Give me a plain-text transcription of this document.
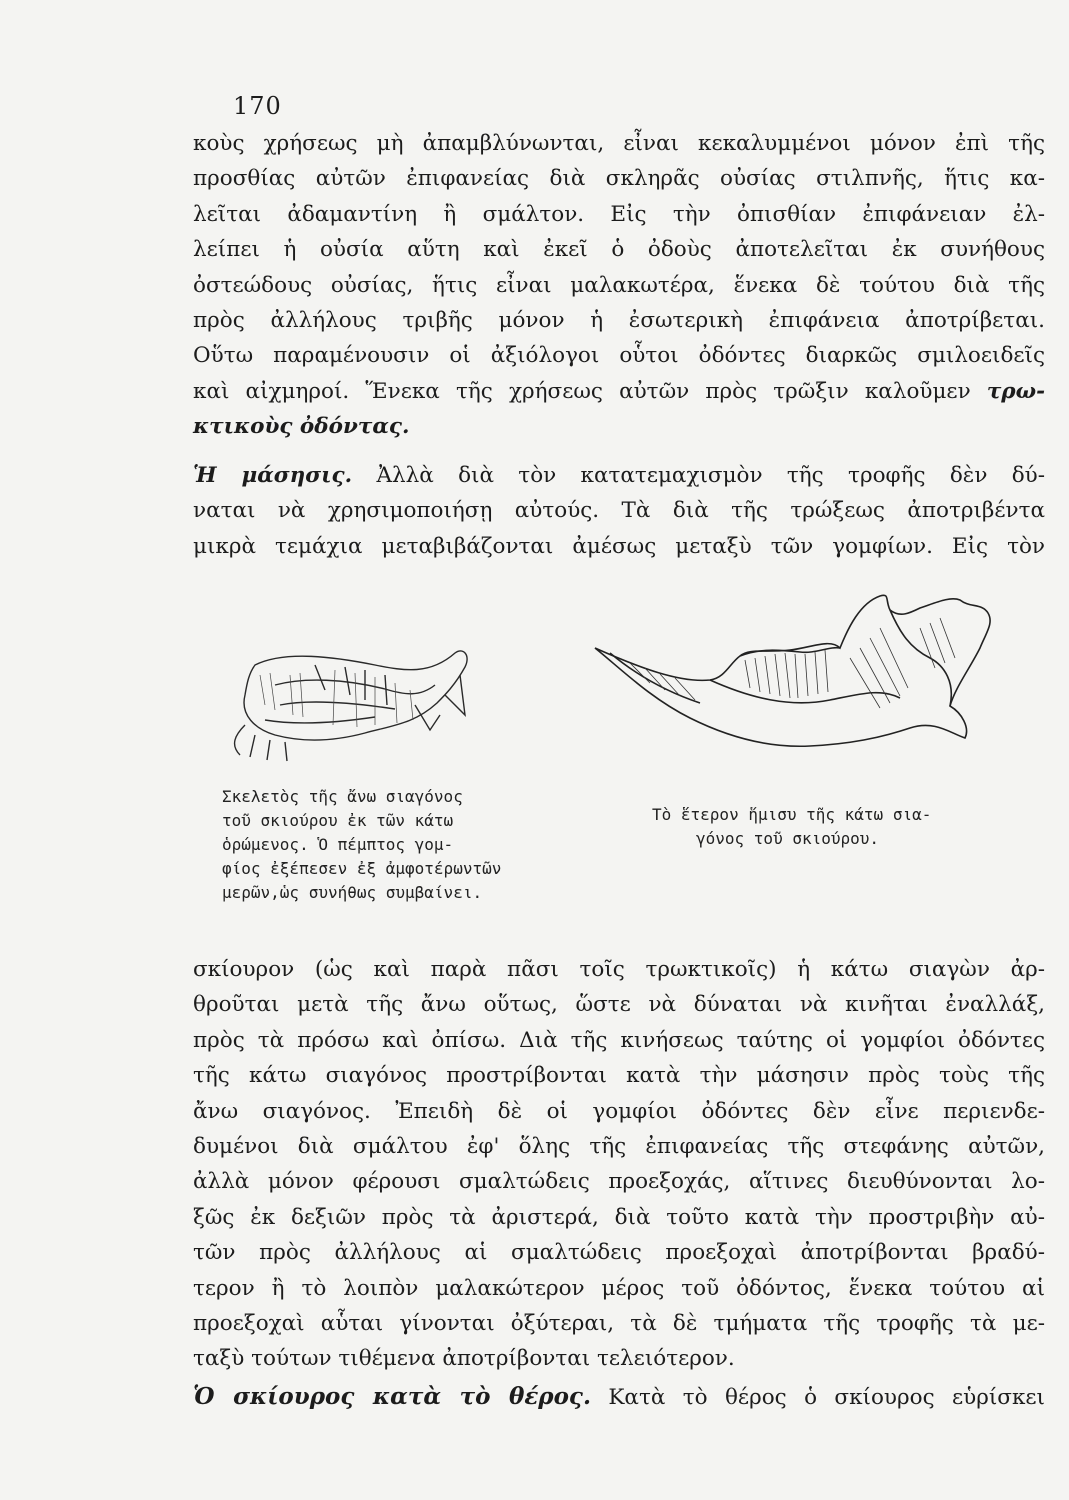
170

κοὺς χρήσεως μὴ ἀπαμβλύνωνται, εἶναι κεκαλυμμένοι μόνον ἐπὶ τῆς
προσθίας αὐτῶν ἐπιφανείας διὰ σκληρᾶς οὐσίας στιλπνῆς, ἥτις κα-
λεῖται ἀδαμαντίνη ἢ σμάλτον. Εἰς τὴν ὀπισθίαν ἐπιφάνειαν ἐλ-
λείπει ἡ οὐσία αὕτη καὶ ἐκεῖ ὁ ὀδοὺς ἀποτελεῖται ἐκ συνήθους
ὀστεώδους οὐσίας, ἥτις εἶναι μαλακωτέρα, ἕνεκα δὲ τούτου διὰ τῆς
πρὸς ἀλλήλους τριβῆς μόνον ἡ ἐσωτερικὴ ἐπιφάνεια ἀποτρίβεται.
Οὕτω παραμένουσιν οἱ ἀξιόλογοι οὗτοι ὀδόντες διαρκῶς σμιλοειδεῖς
καὶ αἰχμηροί. Ἕνεκα τῆς χρήσεως αὐτῶν πρὸς τρῶξιν καλοῦμεν τρω-
κτικοὺς ὀδόντας.

Ἡ μάσησις. Ἀλλὰ διὰ τὸν κατατεμαχισμὸν τῆς τροφῆς δὲν δύ-
ναται νὰ χρησιμοποιήσῃ αὐτούς. Τὰ διὰ τῆς τρώξεως ἀποτριβέντα
μικρὰ τεμάχια μεταβιβάζονται ἀμέσως μεταξὺ τῶν γομφίων. Εἰς τὸν

Σκελετὸς τῆς ἄνω σιαγόνος
τοῦ σκιούρου ἐκ τῶν κάτω
ὁρώμενος. Ὁ πέμπτος γομ-
φίος ἐξέπεσεν ἐξ ἀμφοτέρωντῶν
μερῶν,ὡς συνήθως συμβαίνει.
Τὸ ἕτερον ἥμισυ τῆς κάτω σια-
γόνος τοῦ σκιούρου.

σκίουρον (ὡς καὶ παρὰ πᾶσι τοῖς τρωκτικοῖς) ἡ κάτω σιαγὼν ἀρ-
θροῦται μετὰ τῆς ἄνω οὕτως, ὥστε νὰ δύναται νὰ κινῆται ἐναλλάξ,
πρὸς τὰ πρόσω καὶ ὀπίσω. Διὰ τῆς κινήσεως ταύτης οἱ γομφίοι ὀδόντες
τῆς κάτω σιαγόνος προστρίβονται κατὰ τὴν μάσησιν πρὸς τοὺς τῆς
ἄνω σιαγόνος. Ἐπειδὴ δὲ οἱ γομφίοι ὀδόντες δὲν εἶνε περιενδε-
δυμένοι διὰ σμάλτου ἐφ' ὅλης τῆς ἐπιφανείας τῆς στεφάνης αὐτῶν,
ἀλλὰ μόνον φέρουσι σμαλτώδεις προεξοχάς, αἵτινες διευθύνονται λο-
ξῶς ἐκ δεξιῶν πρὸς τὰ ἀριστερά, διὰ τοῦτο κατὰ τὴν προστριβὴν αὐ-
τῶν πρὸς ἀλλήλους αἱ σμαλτώδεις προεξοχαὶ ἀποτρίβονται βραδύ-
τερον ἢ τὸ λοιπὸν μαλακώτερον μέρος τοῦ ὀδόντος, ἕνεκα τούτου αἱ
προεξοχαὶ αὗται γίνονται ὀξύτεραι, τὰ δὲ τμήματα τῆς τροφῆς τὰ με-
ταξὺ τούτων τιθέμενα ἀποτρίβονται τελειότερον.

Ὁ σκίουρος κατὰ τὸ θέρος. Κατὰ τὸ θέρος ὁ σκίουρος εὑρίσκει
